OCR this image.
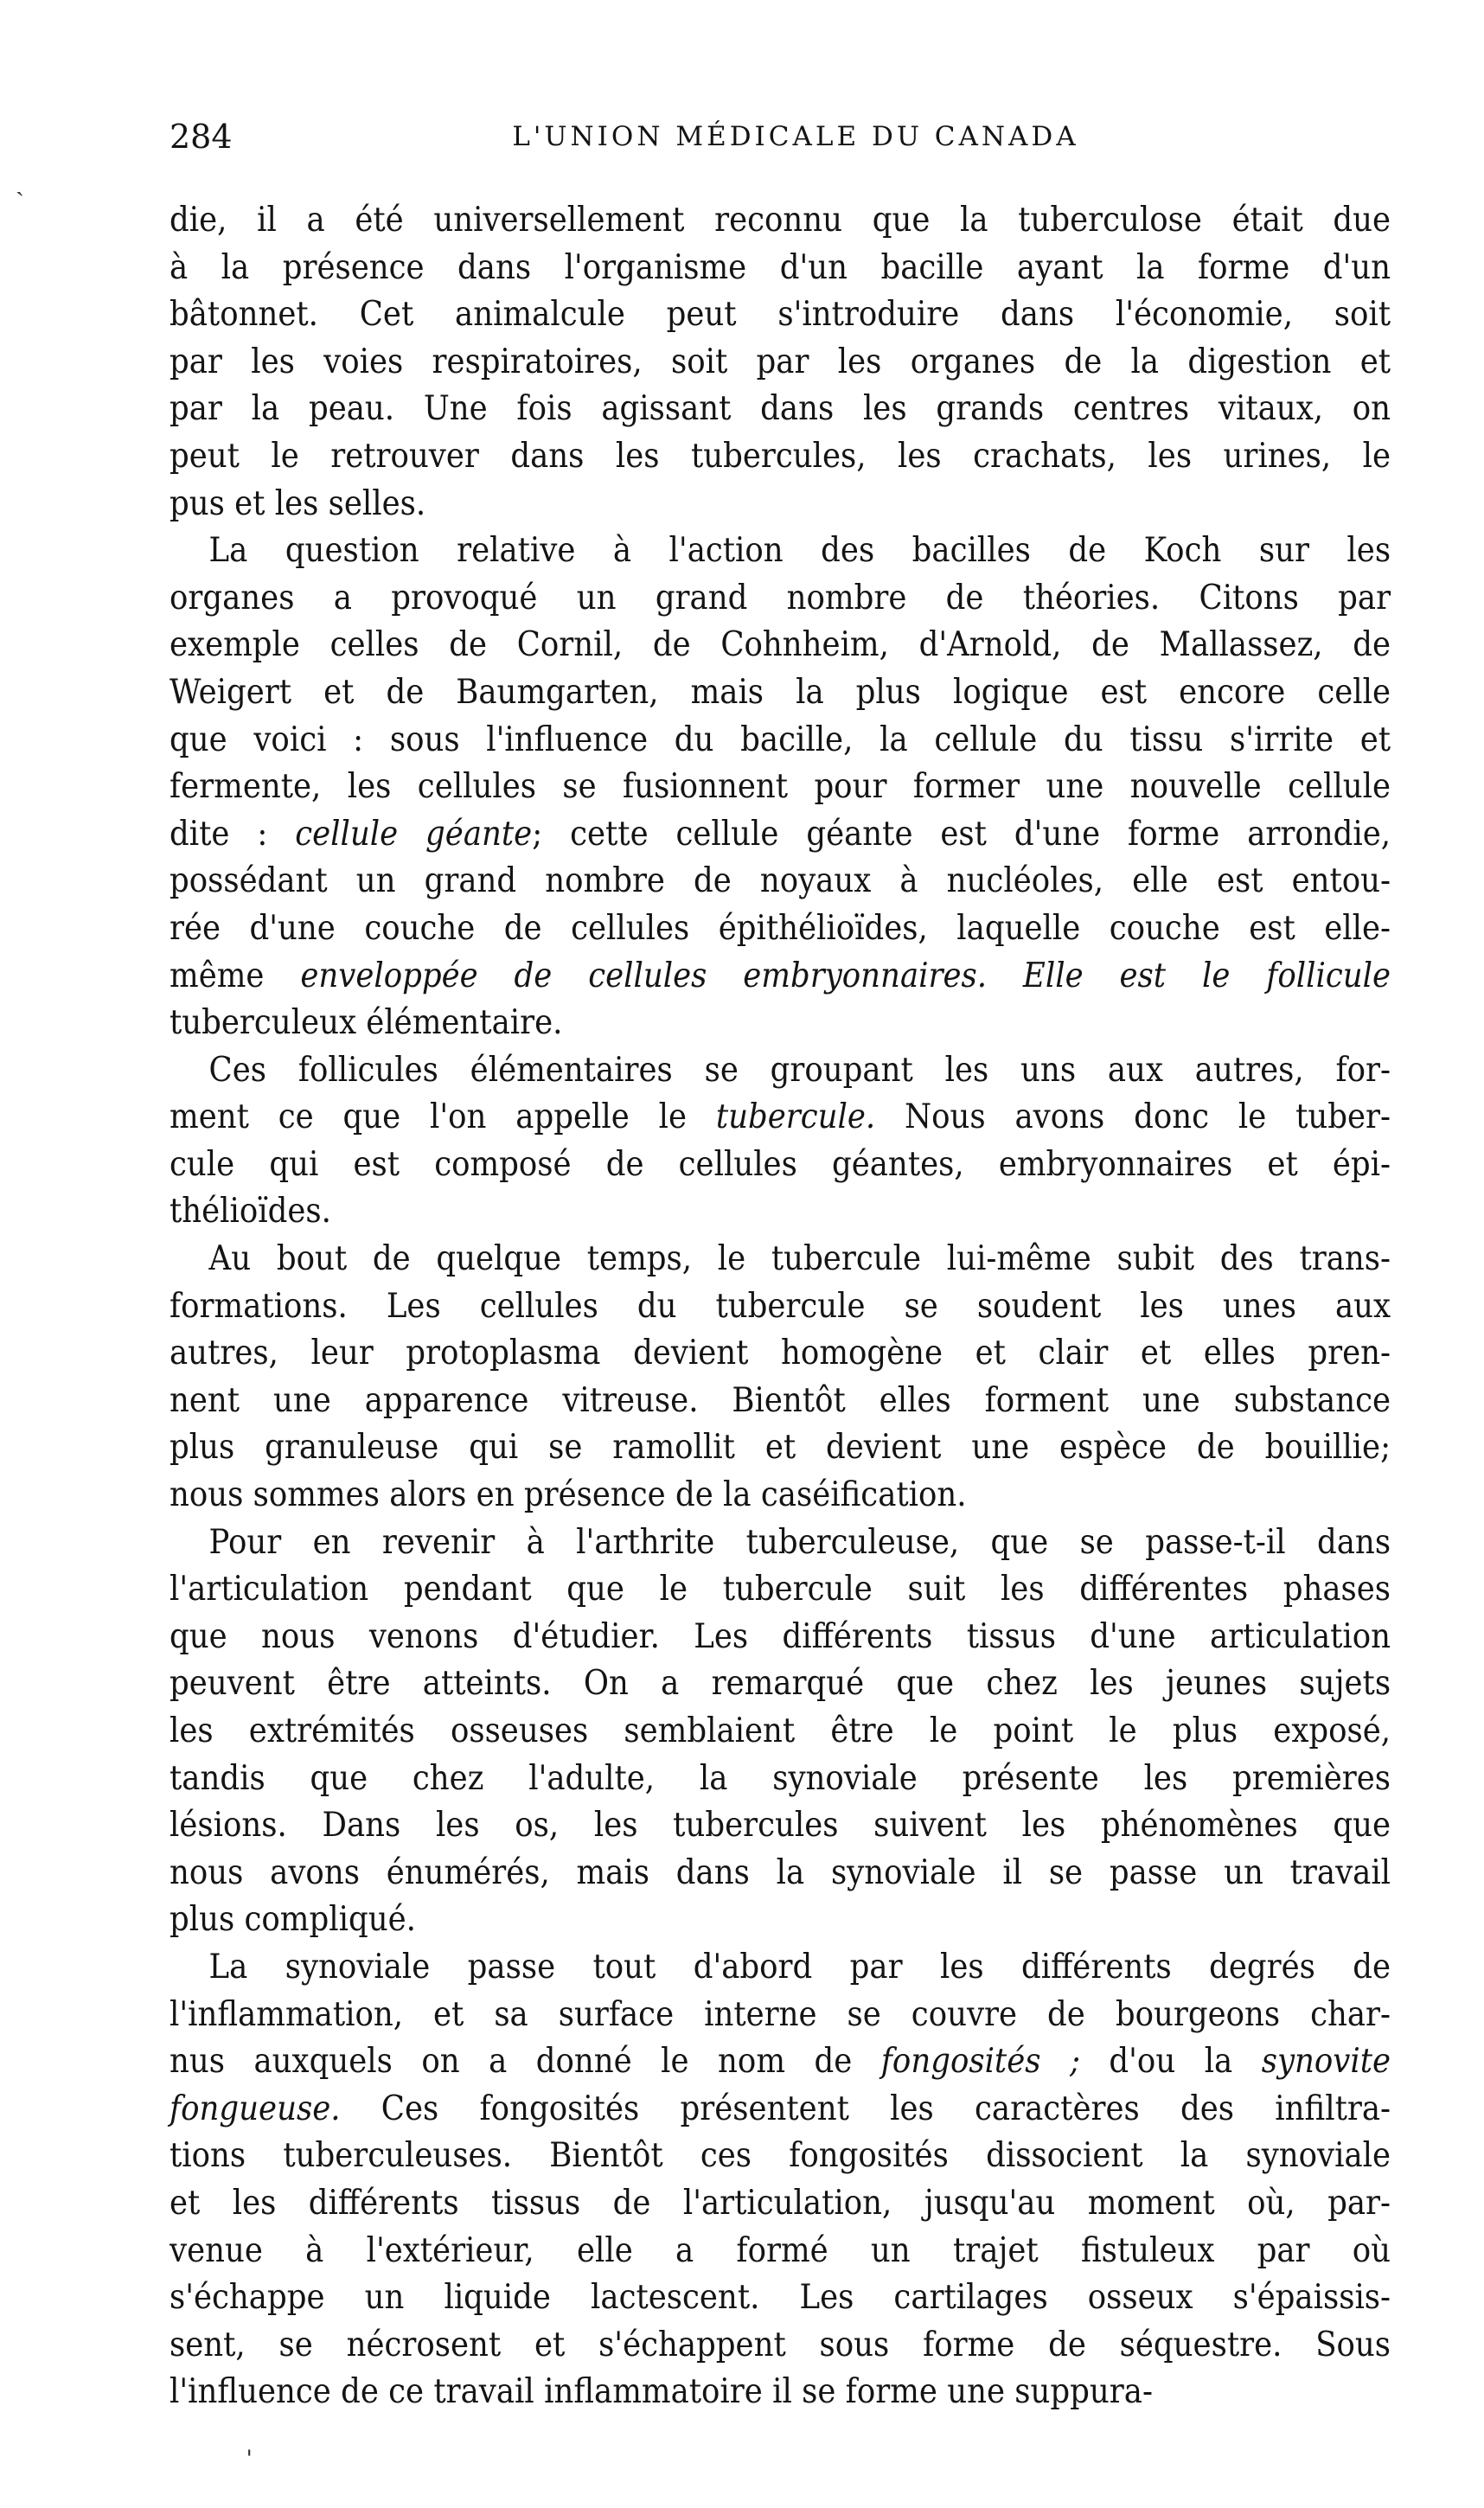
284	L'UNION MÉDICALE DU CANADA
ˎ

die, il a été universellement reconnu que la tuberculose était due
à la présence dans l'organisme d'un bacille ayant la forme d'un
bâtonnet. Cet animalcule peut s'introduire dans l'économie, soit
par les voies respiratoires, soit par les organes de la digestion et
par la peau. Une fois agissant dans les grands centres vitaux, on
peut le retrouver dans les tubercules, les crachats, les urines, le
pus et les selles.

La question relative à l'action des bacilles de Koch sur les
organes a provoqué un grand nombre de théories. Citons par
exemple celles de Cornil, de Cohnheim, d'Arnold, de Mallassez, de
Weigert et de Baumgarten, mais la plus logique est encore celle
que voici : sous l'influence du bacille, la cellule du tissu s'irrite et
fermente, les cellules se fusionnent pour former une nouvelle cellule
dite : cellule géante; cette cellule géante est d'une forme arrondie,
possédant un grand nombre de noyaux à nucléoles, elle est entou-
rée d'une couche de cellules épithélioïdes, laquelle couche est elle-
même enveloppée de cellules embryonnaires. Elle est le follicule
tuberculeux élémentaire.

Ces follicules élémentaires se groupant les uns aux autres, for-
ment ce que l'on appelle le tubercule. Nous avons donc le tuber-
cule qui est composé de cellules géantes, embryonnaires et épi-
thélioïdes.

Au bout de quelque temps, le tubercule lui-même subit des trans-
formations. Les cellules du tubercule se soudent les unes aux
autres, leur protoplasma devient homogène et clair et elles pren-
nent une apparence vitreuse. Bientôt elles forment une substance
plus granuleuse qui se ramollit et devient une espèce de bouillie;
nous sommes alors en présence de la caséification.

Pour en revenir à l'arthrite tuberculeuse, que se passe-t-il dans
l'articulation pendant que le tubercule suit les différentes phases
que nous venons d'étudier. Les différents tissus d'une articulation
peuvent être atteints. On a remarqué que chez les jeunes sujets
les extrémités osseuses semblaient être le point le plus exposé,
tandis que chez l'adulte, la synoviale présente les premières
lésions. Dans les os, les tubercules suivent les phénomènes que
nous avons énumérés, mais dans la synoviale il se passe un travail
plus compliqué.

La synoviale passe tout d'abord par les différents degrés de
l'inflammation, et sa surface interne se couvre de bourgeons char-
nus auxquels on a donné le nom de fongosités ; d'ou la synovite
fongueuse. Ces fongosités présentent les caractères des infiltra-
tions tuberculeuses. Bientôt ces fongosités dissocient la synoviale
et les différents tissus de l'articulation, jusqu'au moment où, par-
venue à l'extérieur, elle a formé un trajet fistuleux par où
s'échappe un liquide lactescent. Les cartilages osseux s'épaissis-
sent, se nécrosent et s'échappent sous forme de séquestre. Sous
l'influence de ce travail inflammatoire il se forme une suppura-

ˌ
